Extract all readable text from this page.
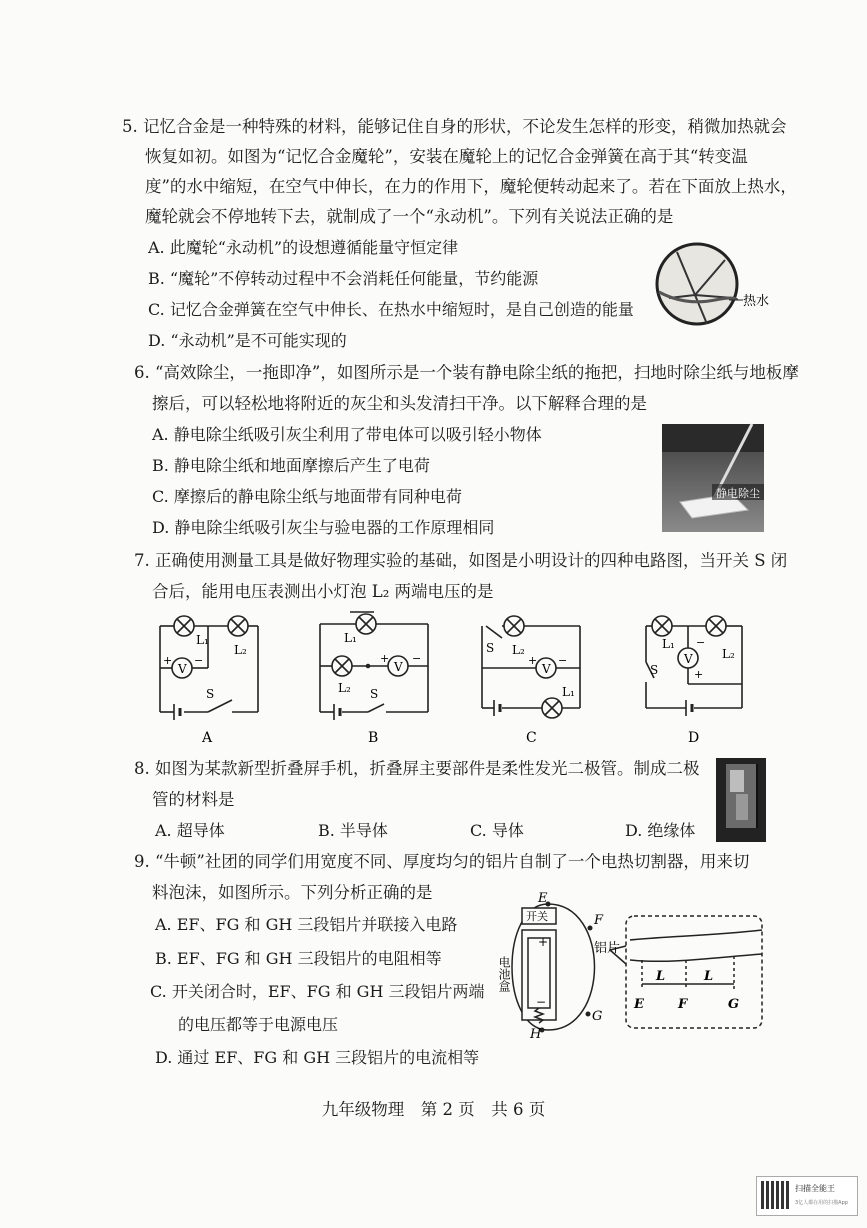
5. 记忆合金是一种特殊的材料，能够记住自身的形状，不论发生怎样的形变，稍微加热就会
恢复如初。如图为“记忆合金魔轮”，安装在魔轮上的记忆合金弹簧在高于其“转变温
度”的水中缩短，在空气中伸长，在力的作用下，魔轮便转动起来了。若在下面放上热水，
魔轮就会不停地转下去，就制成了一个“永动机”。下列有关说法正确的是
A. 此魔轮“永动机”的设想遵循能量守恒定律
B. “魔轮”不停转动过程中不会消耗任何能量，节约能源
C. 记忆合金弹簧在空气中伸长、在热水中缩短时，是自己创造的能量
D. “永动机”是不可能实现的
热水
6. “高效除尘，一拖即净”，如图所示是一个装有静电除尘纸的拖把，扫地时除尘纸与地板摩
擦后，可以轻松地将附近的灰尘和头发清扫干净。以下解释合理的是
A. 静电除尘纸吸引灰尘利用了带电体可以吸引轻小物体
B. 静电除尘纸和地面摩擦后产生了电荷
C. 摩擦后的静电除尘纸与地面带有同种电荷
D. 静电除尘纸吸引灰尘与验电器的工作原理相同
静电除尘
7. 正确使用测量工具是做好物理实验的基础，如图是小明设计的四种电路图，当开关 S 闭
合后，能用电压表测出小灯泡 L₂ 两端电压的是
V
+ −
L₁
L₂
S
A
V
+ −
L₁
L₂ S
B
V
+ −
S L₂
L₁
C
V
−
+
L₁
L₂
S
D
8. 如图为某款新型折叠屏手机，折叠屏主要部件是柔性发光二极管。制成二极
管的材料是
A. 超导体	B. 半导体	C. 导体	D. 绝缘体
9. “牛顿”社团的同学们用宽度不同、厚度均匀的铝片自制了一个电热切割器，用来切
料泡沫，如图所示。下列分析正确的是
A. EF、FG 和 GH 三段铝片并联接入电路
B. EF、FG 和 GH 三段铝片的电阻相等
C. 开关闭合时，EF、FG 和 GH 三段铝片两端
的电压都等于电源电压
D. 通过 EF、FG 和 GH 三段铝片的电流相等
开关
+
−
电池盒
铝片
E
F
G
H
E	F	G
L	L
九年级物理　第 2 页　共 6 页
扫描全能王
3亿人都在用的扫描App
